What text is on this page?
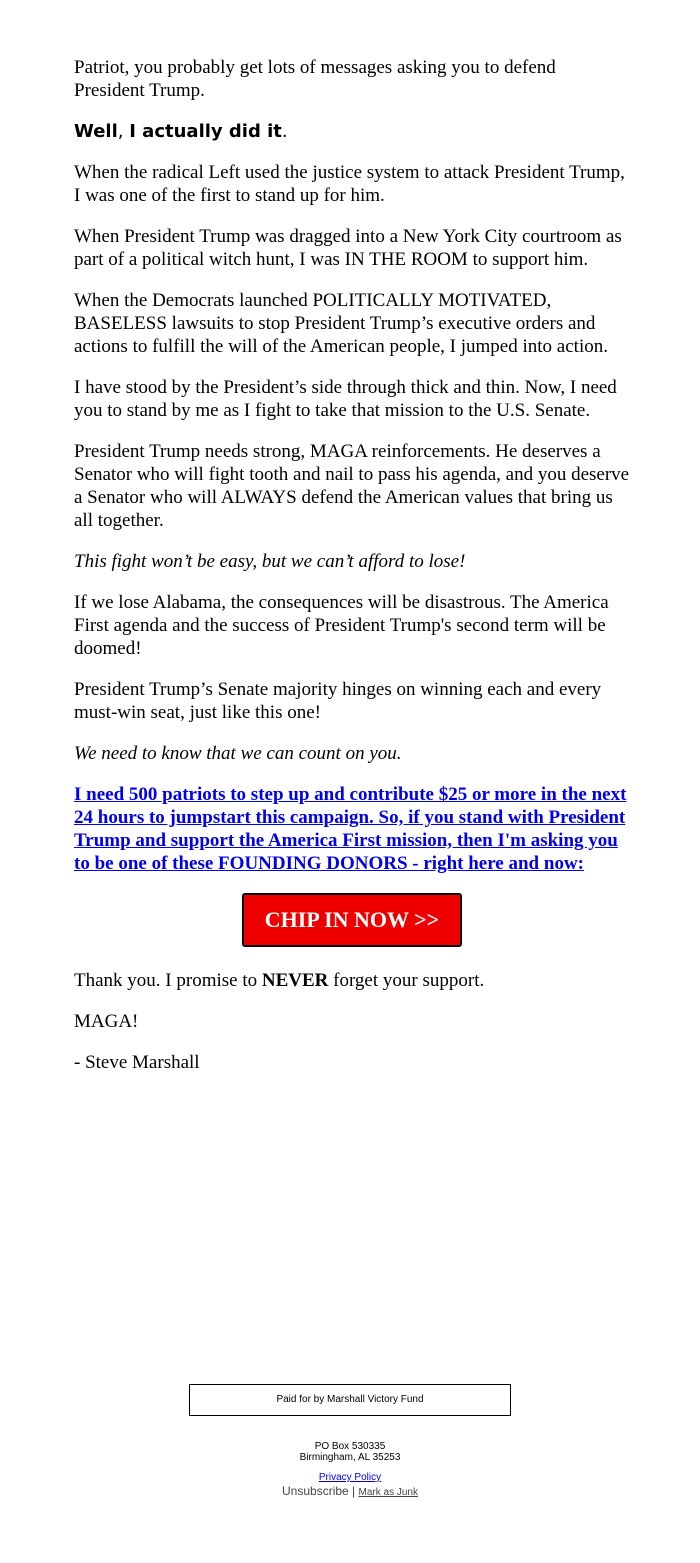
Patriot, you probably get lots of messages asking you to defend President Trump.

Well, I actually did it.

When the radical Left used the justice system to attack President Trump, I was one of the first to stand up for him.

When President Trump was dragged into a New York City courtroom as part of a political witch hunt, I was IN THE ROOM to support him.

When the Democrats launched POLITICALLY MOTIVATED, BASELESS lawsuits to stop President Trump’s executive orders and actions to fulfill the will of the American people, I jumped into action.

I have stood by the President’s side through thick and thin. Now, I need you to stand by me as I fight to take that mission to the U.S. Senate.

President Trump needs strong, MAGA reinforcements. He deserves a Senator who will fight tooth and nail to pass his agenda, and you deserve a Senator who will ALWAYS defend the American values that bring us all together.

This fight won’t be easy, but we can’t afford to lose!

If we lose Alabama, the consequences will be disastrous. The America First agenda and the success of President Trump's second term will be doomed!

President Trump’s Senate majority hinges on winning each and every must-win seat, just like this one!

We need to know that we can count on you.

I need 500 patriots to step up and contribute $25 or more in the next 24 hours to jumpstart this campaign. So, if you stand with President Trump and support the America First mission, then I'm asking you to be one of these FOUNDING DONORS - right here and now:

CHIP IN NOW >>

Thank you. I promise to NEVER forget your support.

MAGA!

- Steve Marshall

Paid for by Marshall Victory Fund
PO Box 530335
Birmingham, AL 35253
Privacy Policy
Unsubscribe | Mark as Junk
